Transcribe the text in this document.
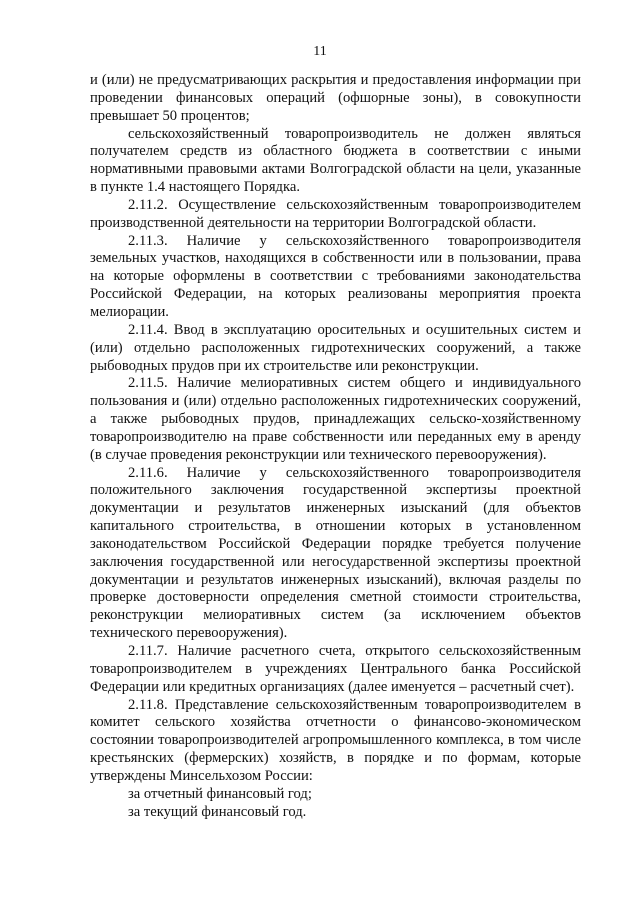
11

и (или) не предусматривающих раскрытия и предоставления информации при проведении финансовых операций (офшорные зоны), в совокупности превышает 50 процентов;

сельскохозяйственный товаропроизводитель не должен являться получателем средств из областного бюджета в соответствии с иными нормативными правовыми актами Волгоградской области на цели, указанные в пункте 1.4 настоящего Порядка.

2.11.2. Осуществление сельскохозяйственным товаропроизводителем производственной деятельности на территории Волгоградской области.

2.11.3. Наличие у сельскохозяйственного товаропроизводителя земельных участков, находящихся в собственности или в пользовании, права на которые оформлены в соответствии с требованиями законодательства Российской Федерации, на которых реализованы мероприятия проекта мелиорации.

2.11.4. Ввод в эксплуатацию оросительных и осушительных систем и (или) отдельно расположенных гидротехнических сооружений, а также рыбоводных прудов при их строительстве или реконструкции.

2.11.5. Наличие мелиоративных систем общего и индивидуального пользования и (или) отдельно расположенных гидротехнических сооружений, а также рыбоводных прудов, принадлежащих сельско-хозяйственному товаропроизводителю на праве собственности или переданных ему в аренду (в случае проведения реконструкции или технического перевооружения).

2.11.6. Наличие у сельскохозяйственного товаропроизводителя положительного заключения государственной экспертизы проектной документации и результатов инженерных изысканий (для объектов капитального строительства, в отношении которых в установленном законодательством Российской Федерации порядке требуется получение заключения государственной или негосударственной экспертизы проектной документации и результатов инженерных изысканий), включая разделы по проверке достоверности определения сметной стоимости строительства, реконструкции мелиоративных систем (за исключением объектов технического перевооружения).

2.11.7. Наличие расчетного счета, открытого сельскохозяйственным товаропроизводителем в учреждениях Центрального банка Российской Федерации или кредитных организациях (далее именуется – расчетный счет).

2.11.8. Представление сельскохозяйственным товаропроизводителем в комитет сельского хозяйства отчетности о финансово-экономическом состоянии товаропроизводителей агропромышленного комплекса, в том числе крестьянских (фермерских) хозяйств, в порядке и по формам, которые утверждены Минсельхозом России:

за отчетный финансовый год;

за текущий финансовый год.
